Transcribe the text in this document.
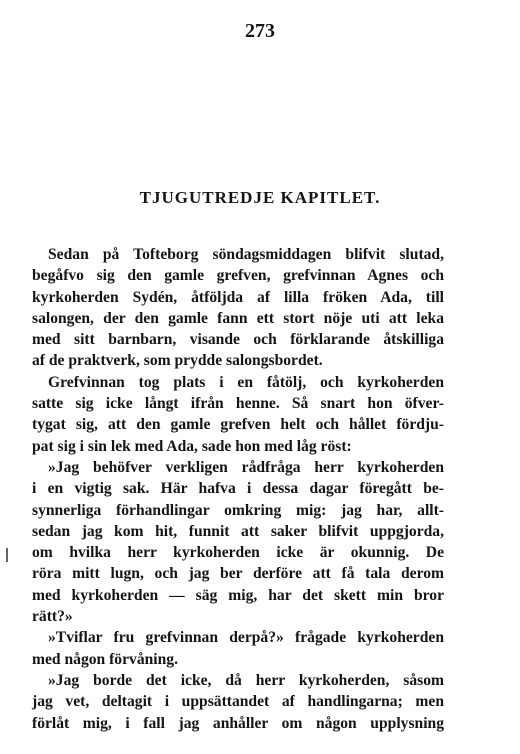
273
TJUGUTREDJE KAPITLET.
Sedan på Tofteborg söndagsmiddagen blifvit slutad,
begåfvo sig den gamle grefven, grefvinnan Agnes och
kyrkoherden Sydén, åtföljda af lilla fröken Ada, till
salongen, der den gamle fann ett stort nöje uti att leka
med sitt barnbarn, visande och förklarande åtskilliga
af de praktverk, som prydde salongsbordet.
Grefvinnan tog plats i en fåtölj, och kyrkoherden
satte sig icke långt ifrån henne. Så snart hon öfver-
tygat sig, att den gamle grefven helt och hållet fördju-
pat sig i sin lek med Ada, sade hon med låg röst:
»Jag behöfver verkligen rådfråga herr kyrkoherden
i en vigtig sak. Här hafva i dessa dagar föregått be-
synnerliga förhandlingar omkring mig: jag har, allt-
sedan jag kom hit, funnit att saker blifvit uppgjorda,
om hvilka herr kyrkoherden icke är okunnig. De
röra mitt lugn, och jag ber derföre att få tala derom
med kyrkoherden — säg mig, har det skett min bror
rätt?»
»Tviflar fru grefvinnan derpå?» frågade kyrkoherden
med någon förvåning.
»Jag borde det icke, då herr kyrkoherden, såsom
jag vet, deltagit i uppsättandet af handlingarna; men
förlåt mig, i fall jag anhåller om någon upplysning
